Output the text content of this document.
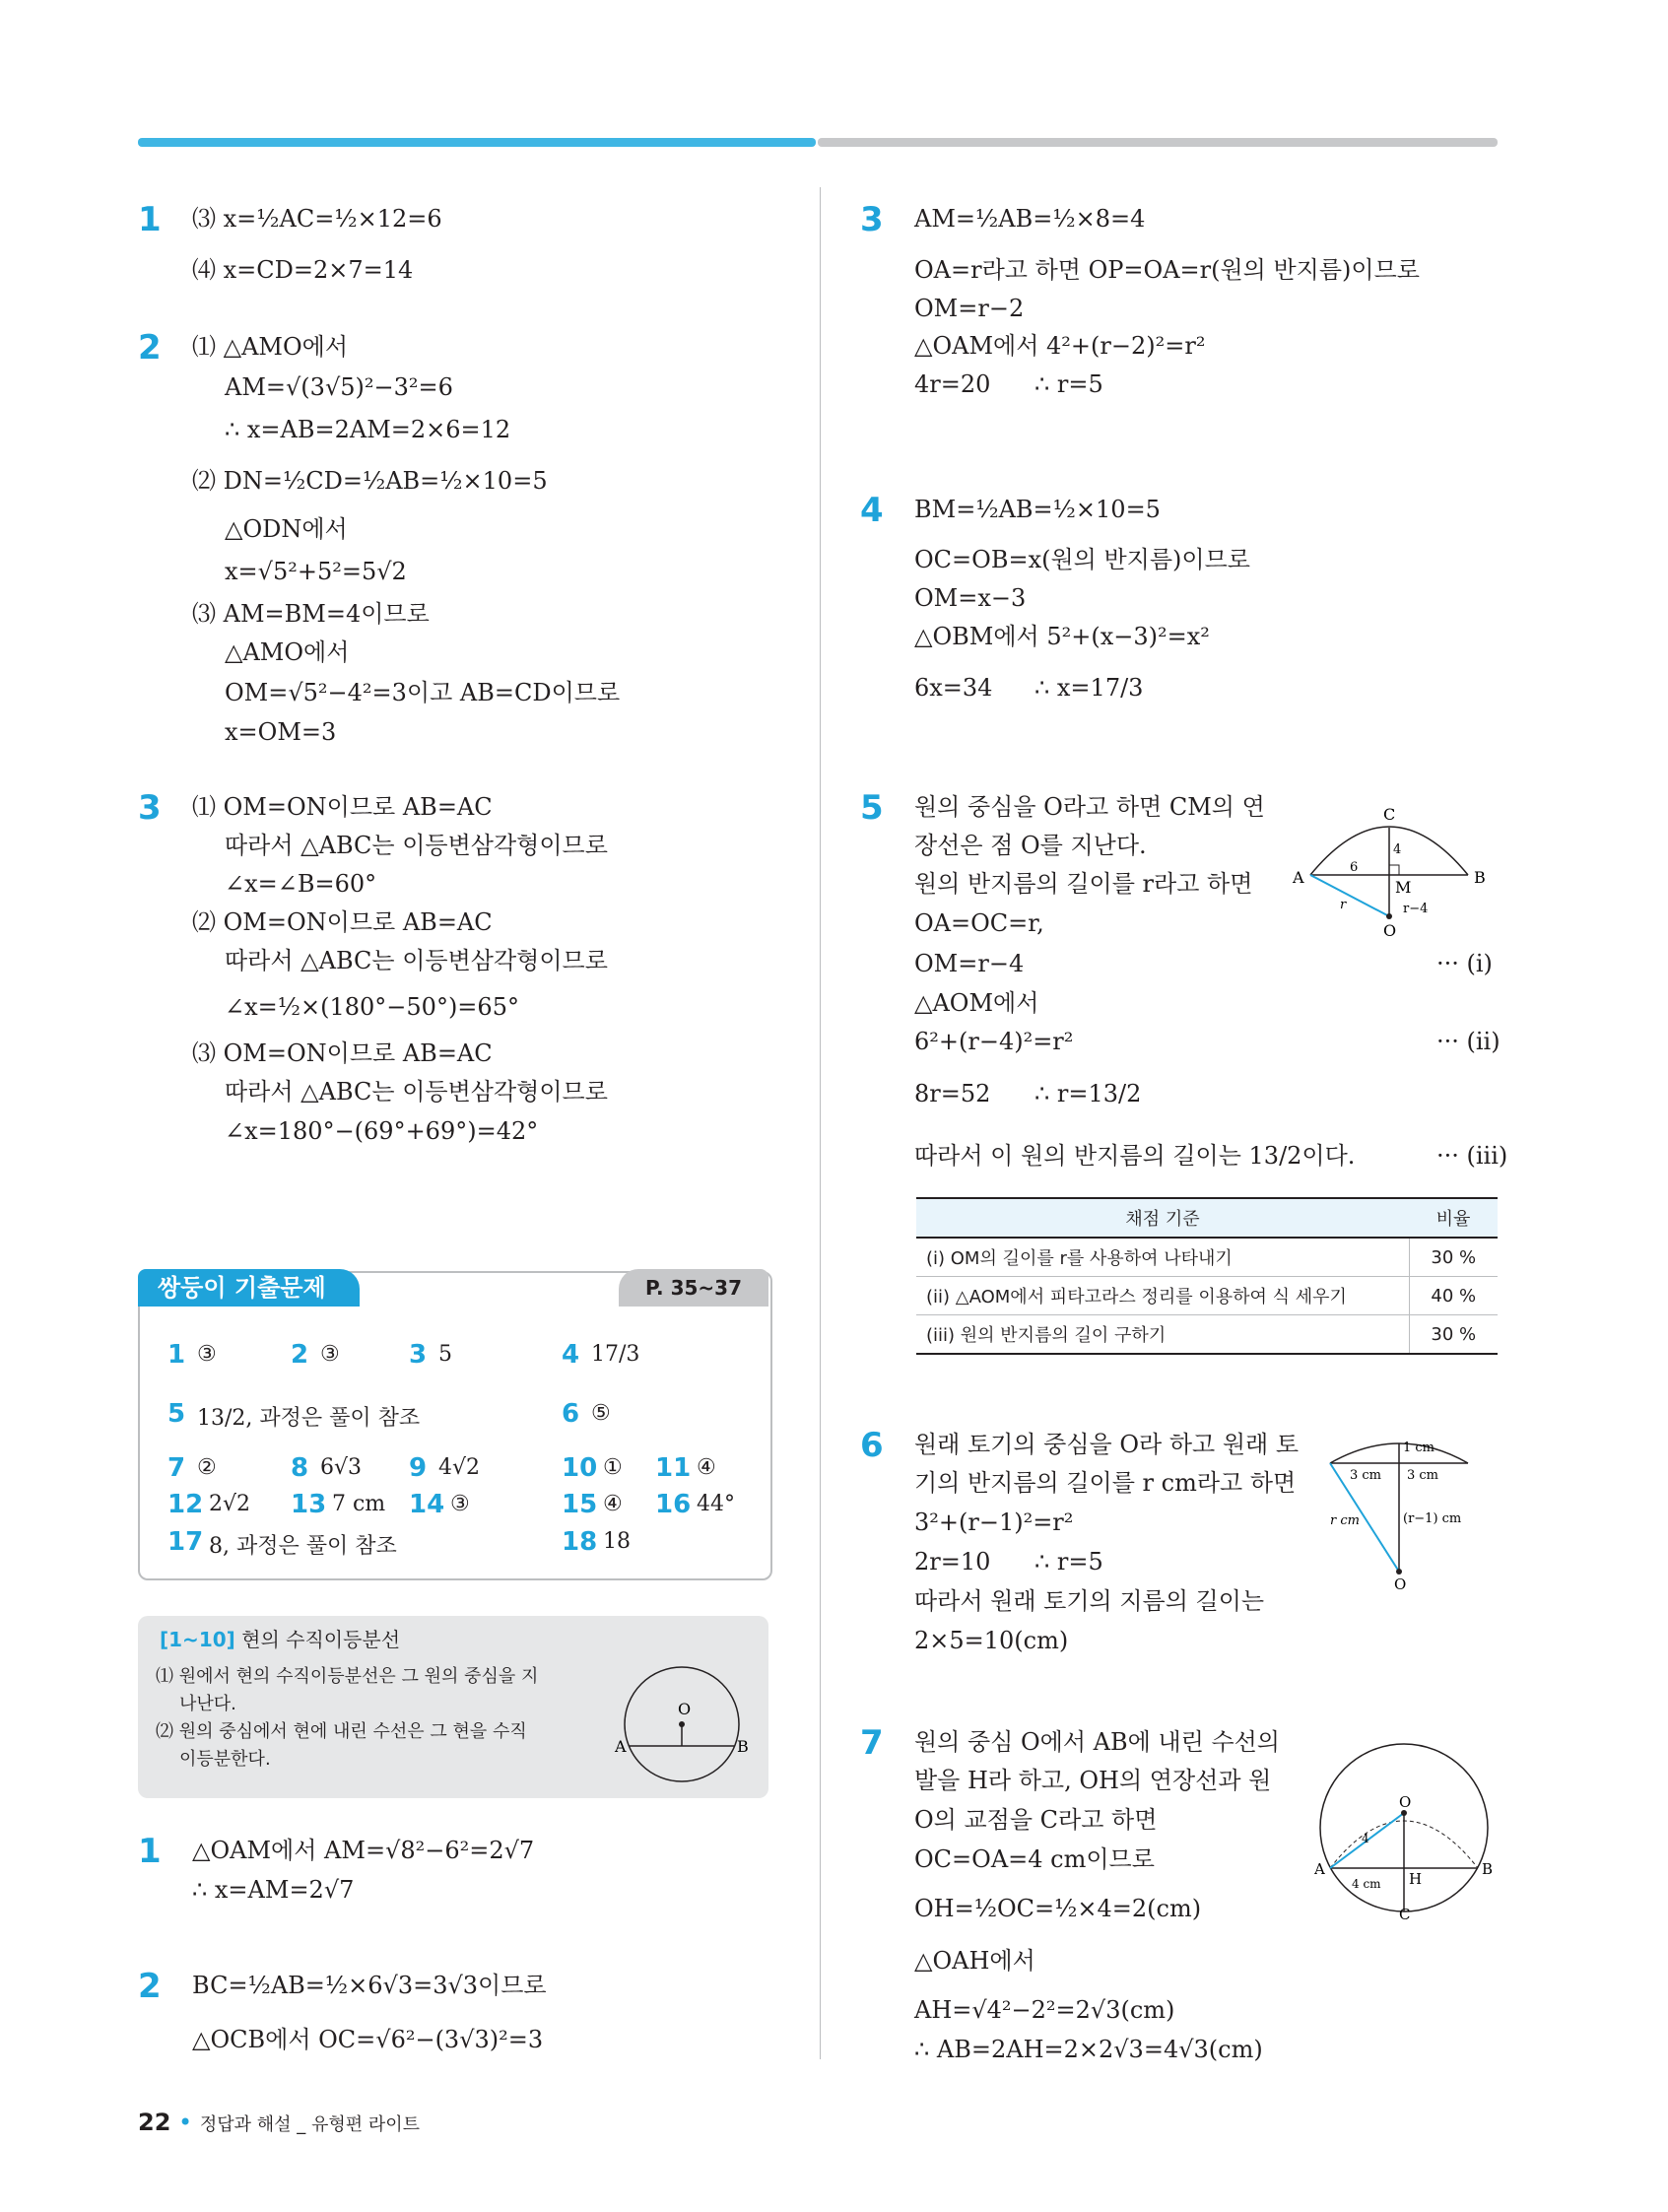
1 ⑶ x=½AC=½×12=6
⑷ x=CD=2×7=14
2 ⑴ △AMO에서
AM=√(3√5)²−3²=6
∴ x=AB=2AM=2×6=12
⑵ DN=½CD=½AB=½×10=5
△ODN에서
x=√5²+5²=5√2
⑶ AM=BM=4이므로
△AMO에서
OM=√5²−4²=3이고 AB=CD이므로
x=OM=3
3 ⑴ OM=ON이므로 AB=AC
따라서 △ABC는 이등변삼각형이므로
∠x=∠B=60°
⑵ OM=ON이므로 AB=AC
따라서 △ABC는 이등변삼각형이므로
∠x=½×(180°−50°)=65°
⑶ OM=ON이므로 AB=AC
따라서 △ABC는 이등변삼각형이므로
∠x=180°−(69°+69°)=42°
쌍둥이 기출문제	P. 35~37
1 ③	2 ③	3 5	4 17/3
5 13/2, 과정은 풀이 참조	6 ⑤
7 ②	8 6√3 9 4√2	10 ① 11 ④
12 2√2 13 7 cm 14 ③	15 ④ 16 44°
17 8, 과정은 풀이 참조	18 18
[1~10] 현의 수직이등분선
⑴ 원에서 현의 수직이등분선은 그 원의 중심을 지
나난다.
⑵ 원의 중심에서 현에 내린 수선은 그 현을 수직
이등분한다.
O
A	B
1 △OAM에서 AM=√8²−6²=2√7
∴ x=AM=2√7
2 BC=½AB=½×6√3=3√3이므로
△OCB에서 OC=√6²−(3√3)²=3
22 • 정답과 해설 _ 유형편 라이트
3 AM=½AB=½×8=4
OA=r라고 하면 OP=OA=r(원의 반지름)이므로
OM=r−2
△OAM에서 4²+(r−2)²=r²
4r=20 ∴ r=5
4 BM=½AB=½×10=5
OC=OB=x(원의 반지름)이므로
OM=x−3
△OBM에서 5²+(x−3)²=x²
6x=34 ∴ x=17/3
5 원의 중심을 O라고 하면 CM의 연
장선은 점 O를 지난다.
원의 반지름의 길이를 r라고 하면
OA=OC=r,
OM=r−4	··· (i)
△AOM에서
6²+(r−4)²=r²	··· (ii)
8r=52 ∴ r=13/2
따라서 이 원의 반지름의 길이는 13/2이다.	··· (iii)
C
A	B
M
O
4
6
r	r−4
채점 기준	비율
(i) OM의 길이를 r를 사용하여 나타내기	30 %
(ii) △AOM에서 피타고라스 정리를 이용하여 식 세우기	40 %
(iii) 원의 반지름의 길이 구하기	30 %
6 원래 토기의 중심을 O라 하고 원래 토
기의 반지름의 길이를 r cm라고 하면
3²+(r−1)²=r²
2r=10 ∴ r=5
따라서 원래 토기의 지름의 길이는
2×5=10(cm)
1 cm
3 cm 3 cm
r cm	(r−1) cm
O
7 원의 중심 O에서 AB에 내린 수선의
발을 H라 하고, OH의 연장선과 원
O의 교점을 C라고 하면
OC=OA=4 cm이므로
OH=½OC=½×4=2(cm)
△OAH에서
AH=√4²−2²=2√3(cm)
∴ AB=2AH=2×2√3=4√3(cm)
O
A	B
H
C
4
4 cm
